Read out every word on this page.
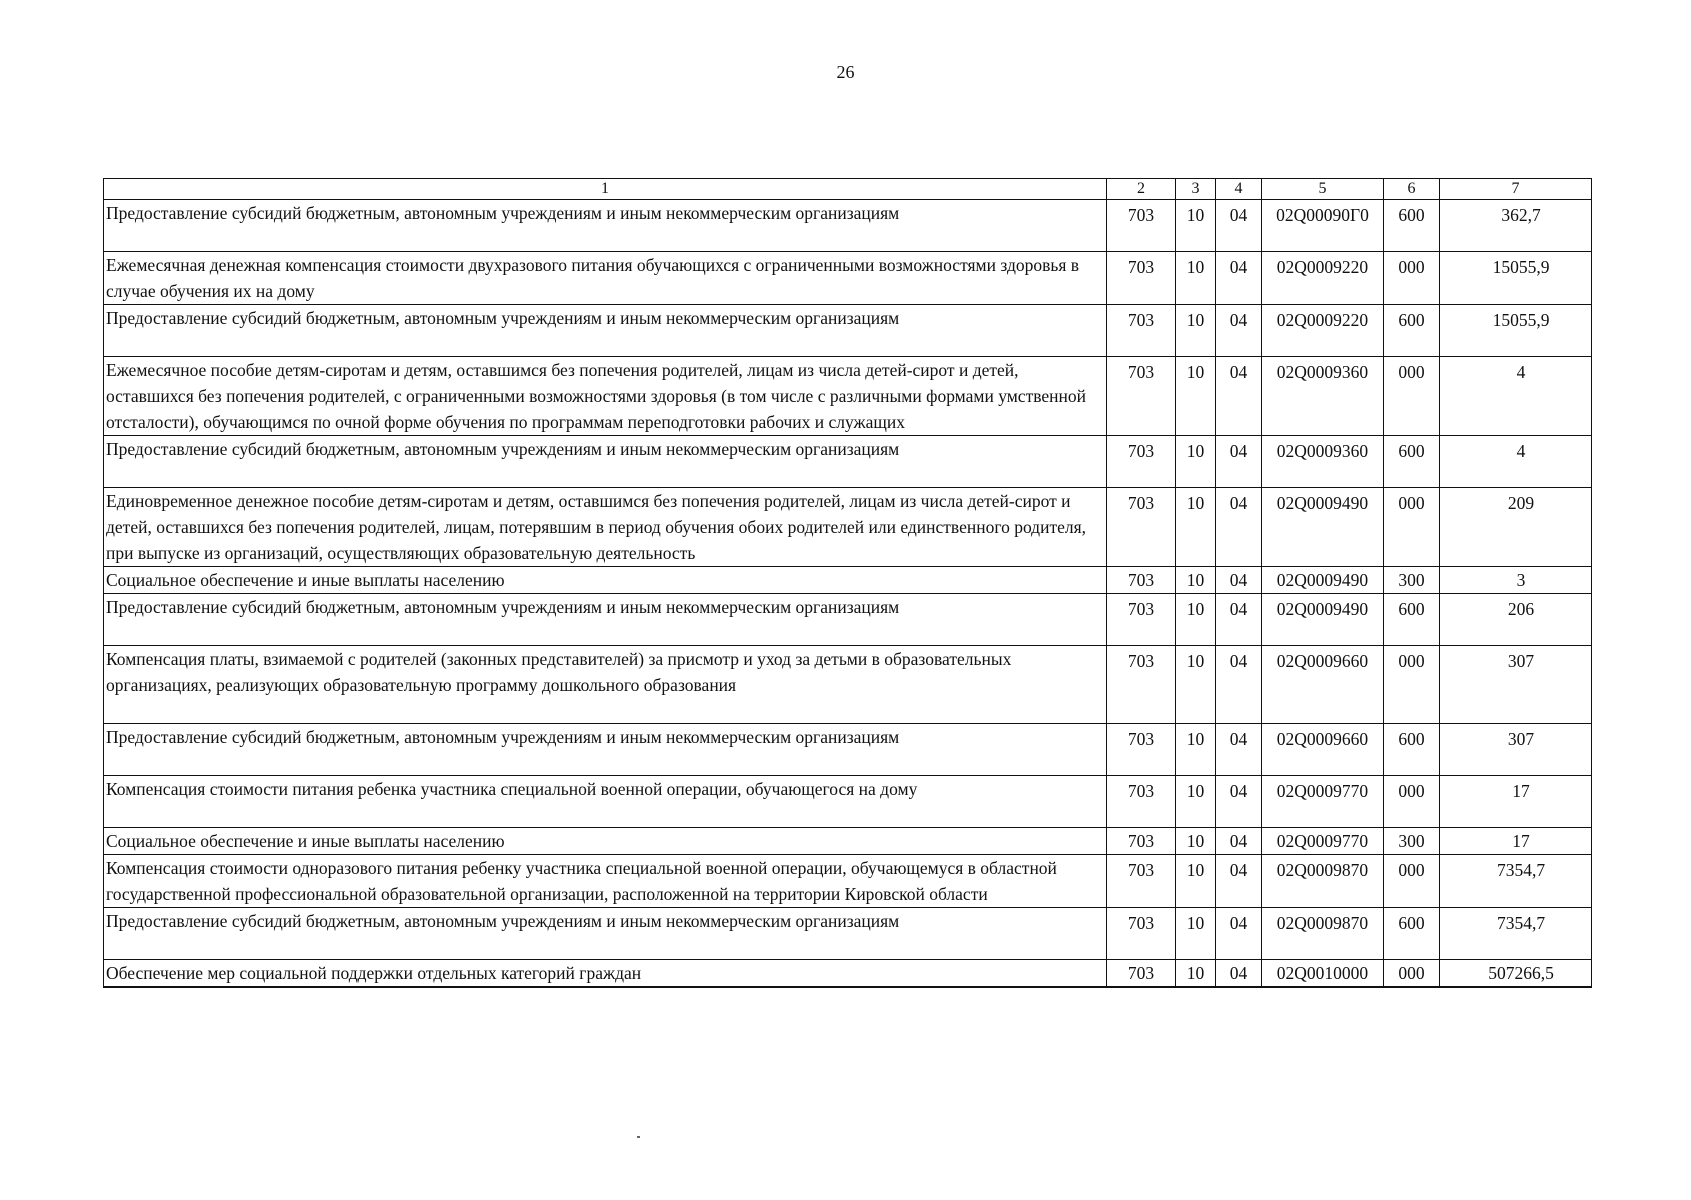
26
1	2	3	4	5	6	7
Предоставление субсидий бюджетным, автономным учреждениям и иным некоммерческим организациям	703	10	04	02Q00090Г0	600	362,7
Ежемесячная денежная компенсация стоимости двухразового питания обучающихся с ограниченными возможностями здоровья в случае обучения их на дому	703	10	04	02Q0009220	000	15055,9
Предоставление субсидий бюджетным, автономным учреждениям и иным некоммерческим организациям	703	10	04	02Q0009220	600	15055,9
Ежемесячное пособие детям-сиротам и детям, оставшимся без попечения родителей, лицам из числа детей-сирот и детей, оставшихся без попечения родителей, с ограниченными возможностями здоровья (в том числе с различными формами умственной отсталости), обучающимся по очной форме обучения по программам переподготовки рабочих и служащих	703	10	04	02Q0009360	000	4
Предоставление субсидий бюджетным, автономным учреждениям и иным некоммерческим организациям	703	10	04	02Q0009360	600	4
Единовременное денежное пособие детям-сиротам и детям, оставшимся без попечения родителей, лицам из числа детей-сирот и детей, оставшихся без попечения родителей, лицам, потерявшим в период обучения обоих родителей или единственного родителя, при выпуске из организаций, осуществляющих образовательную деятельность	703	10	04	02Q0009490	000	209
Социальное обеспечение и иные выплаты населению	703	10	04	02Q0009490	300	3
Предоставление субсидий бюджетным, автономным учреждениям и иным некоммерческим организациям	703	10	04	02Q0009490	600	206
Компенсация платы, взимаемой с родителей (законных представителей) за присмотр и уход за детьми в образовательных организациях, реализующих образовательную программу дошкольного образования	703	10	04	02Q0009660	000	307
Предоставление субсидий бюджетным, автономным учреждениям и иным некоммерческим организациям	703	10	04	02Q0009660	600	307
Компенсация стоимости питания ребенка участника специальной военной операции, обучающегося на дому	703	10	04	02Q0009770	000	17
Социальное обеспечение и иные выплаты населению	703	10	04	02Q0009770	300	17
Компенсация стоимости одноразового питания ребенку участника специальной военной операции, обучающемуся в областной государственной профессиональной образовательной организации, расположенной на территории Кировской области	703	10	04	02Q0009870	000	7354,7
Предоставление субсидий бюджетным, автономным учреждениям и иным некоммерческим организациям	703	10	04	02Q0009870	600	7354,7
Обеспечение мер социальной поддержки отдельных категорий граждан	703	10	04	02Q0010000	000	507266,5
